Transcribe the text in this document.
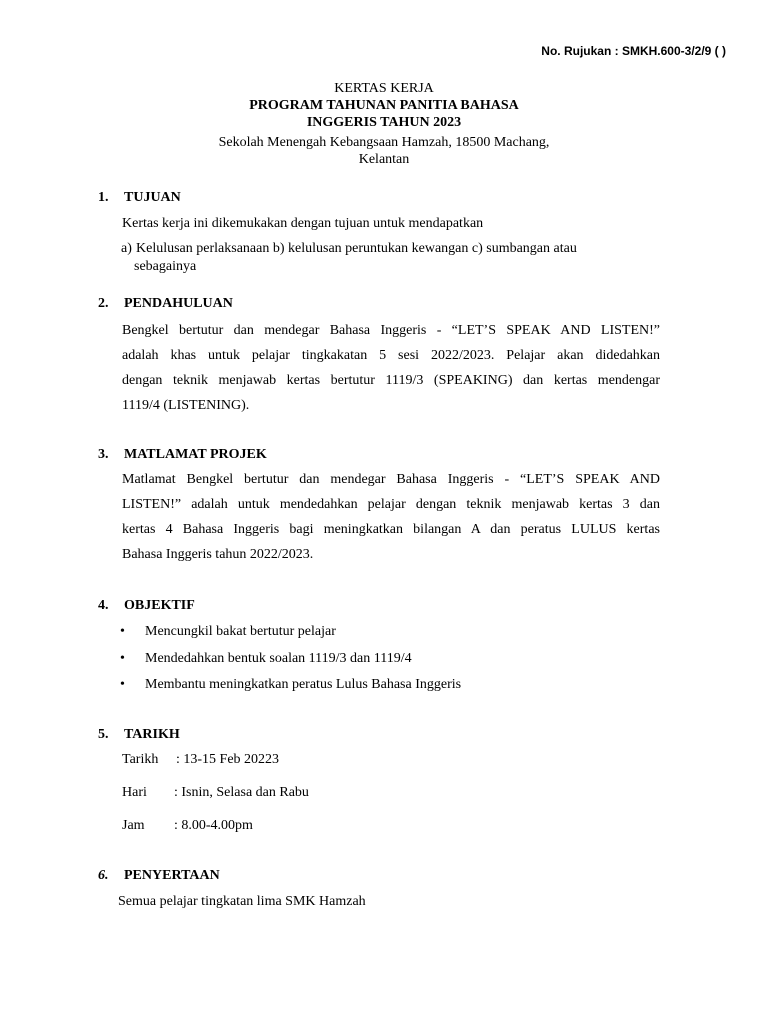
No. Rujukan : SMKH.600-3/2/9 ( )
KERTAS KERJA
PROGRAM TAHUNAN PANITIA BAHASA
INGGERIS TAHUN 2023
Sekolah Menengah Kebangsaan Hamzah, 18500 Machang,
Kelantan
1. TUJUAN
Kertas kerja ini dikemukakan dengan tujuan untuk mendapatkan
a) Kelulusan perlaksanaan b) kelulusan peruntukan kewangan c) sumbangan atau
sebagainya
2. PENDAHULUAN
Bengkel bertutur dan mendegar Bahasa Inggeris - “LET’S SPEAK AND LISTEN!”
adalah khas untuk pelajar tingkakatan 5 sesi 2022/2023. Pelajar akan didedahkan
dengan teknik menjawab kertas bertutur 1119/3 (SPEAKING) dan kertas mendengar
1119/4 (LISTENING).
3. MATLAMAT PROJEK
Matlamat Bengkel bertutur dan mendegar Bahasa Inggeris - “LET’S SPEAK AND
LISTEN!” adalah untuk mendedahkan pelajar dengan teknik menjawab kertas 3 dan
kertas 4 Bahasa Inggeris bagi meningkatkan bilangan A dan peratus LULUS kertas
Bahasa Inggeris tahun 2022/2023.
4. OBJEKTIF
• Mencungkil bakat bertutur pelajar
• Mendedahkan bentuk soalan 1119/3 dan 1119/4
• Membantu meningkatkan peratus Lulus Bahasa Inggeris
5. TARIKH
Tarikh : 13-15 Feb 20223
Hari : Isnin, Selasa dan Rabu
Jam : 8.00-4.00pm
6. PENYERTAAN
Semua pelajar tingkatan lima SMK Hamzah
